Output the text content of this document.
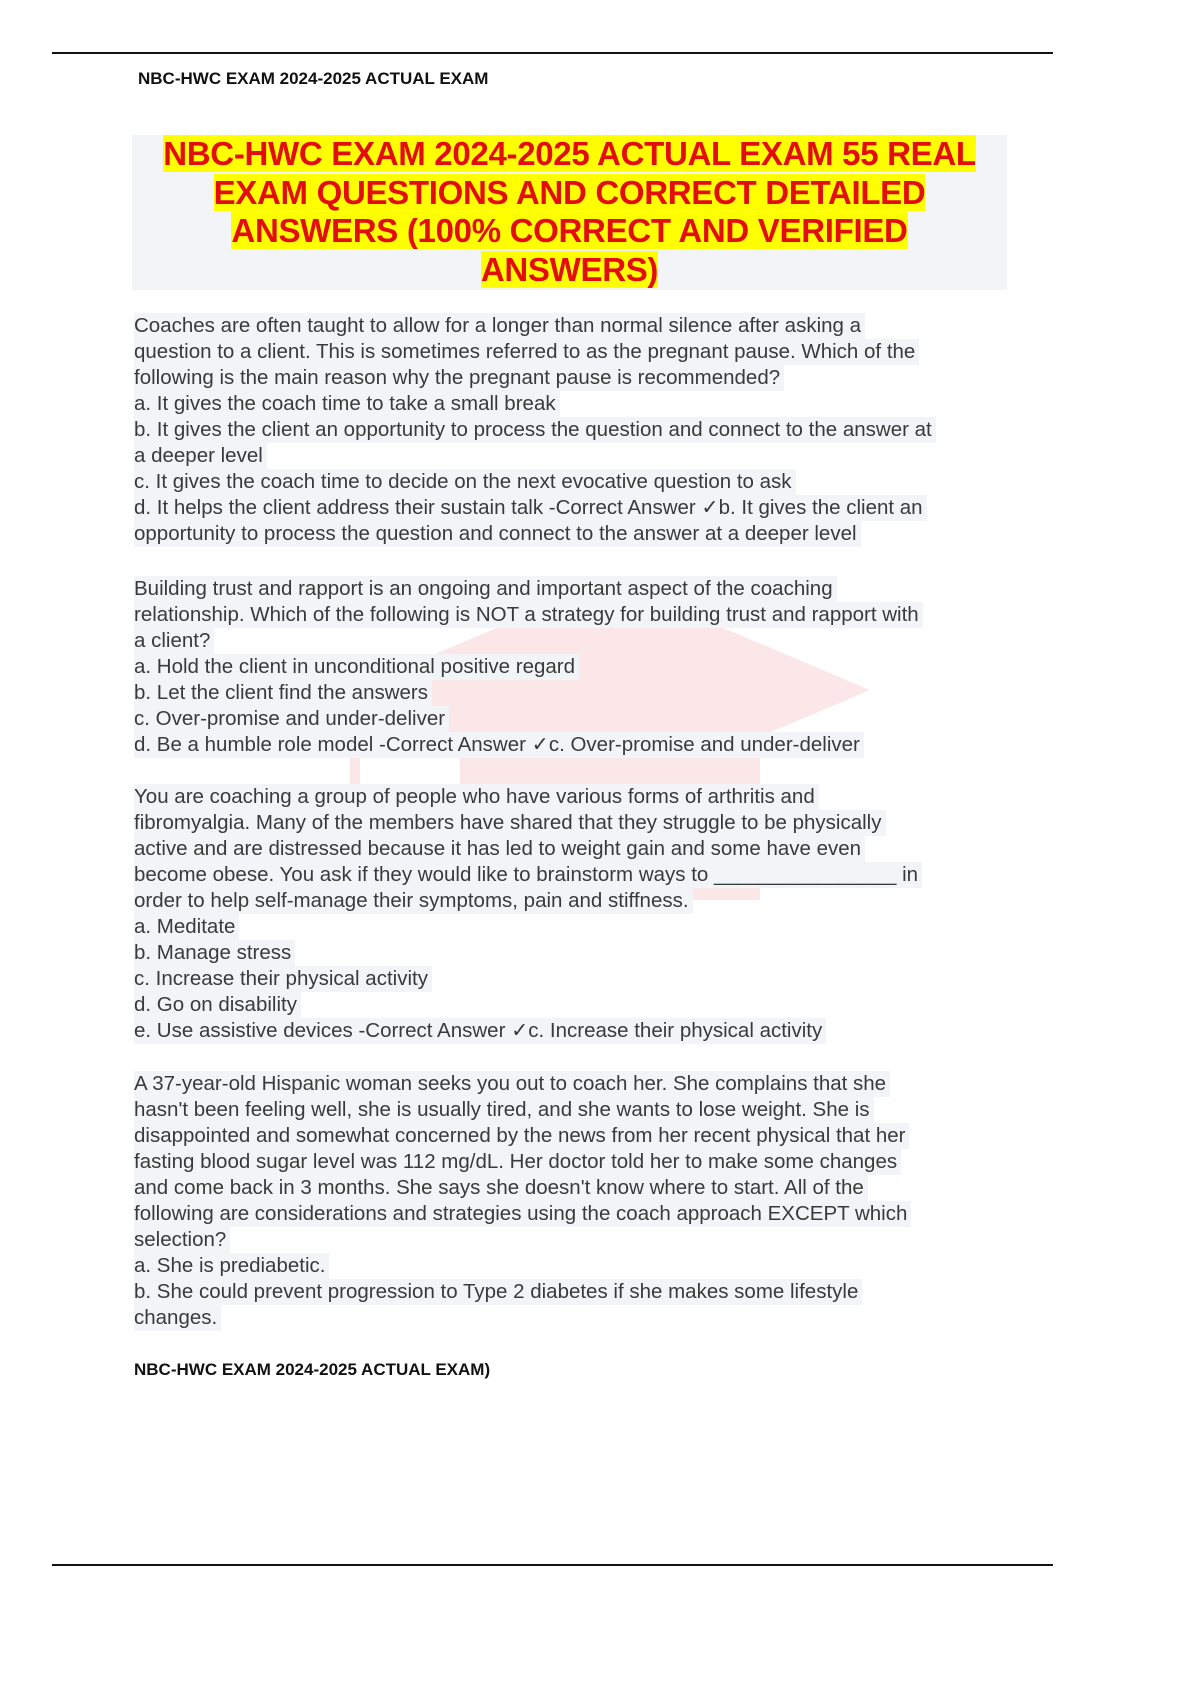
NBC-HWC EXAM 2024-2025 ACTUAL EXAM
NBC-HWC EXAM 2024-2025 ACTUAL EXAM 55 REAL
EXAM QUESTIONS AND CORRECT DETAILED
ANSWERS (100% CORRECT AND VERIFIED
ANSWERS)
Coaches are often taught to allow for a longer than normal silence after asking a
question to a client. This is sometimes referred to as the pregnant pause. Which of the
following is the main reason why the pregnant pause is recommended?
a. It gives the coach time to take a small break
b. It gives the client an opportunity to process the question and connect to the answer at
a deeper level
c. It gives the coach time to decide on the next evocative question to ask
d. It helps the client address their sustain talk -Correct Answer ✓b. It gives the client an
opportunity to process the question and connect to the answer at a deeper level
Building trust and rapport is an ongoing and important aspect of the coaching
relationship. Which of the following is NOT a strategy for building trust and rapport with
a client?
a. Hold the client in unconditional positive regard
b. Let the client find the answers
c. Over-promise and under-deliver
d. Be a humble role model -Correct Answer ✓c. Over-promise and under-deliver
You are coaching a group of people who have various forms of arthritis and
fibromyalgia. Many of the members have shared that they struggle to be physically
active and are distressed because it has led to weight gain and some have even
become obese. You ask if they would like to brainstorm ways to ________________ in
order to help self-manage their symptoms, pain and stiffness.
a. Meditate
b. Manage stress
c. Increase their physical activity
d. Go on disability
e. Use assistive devices -Correct Answer ✓c. Increase their physical activity
A 37-year-old Hispanic woman seeks you out to coach her. She complains that she
hasn't been feeling well, she is usually tired, and she wants to lose weight. She is
disappointed and somewhat concerned by the news from her recent physical that her
fasting blood sugar level was 112 mg/dL. Her doctor told her to make some changes
and come back in 3 months. She says she doesn't know where to start. All of the
following are considerations and strategies using the coach approach EXCEPT which
selection?
a. She is prediabetic.
b. She could prevent progression to Type 2 diabetes if she makes some lifestyle
changes.
NBC-HWC EXAM 2024-2025 ACTUAL EXAM)
